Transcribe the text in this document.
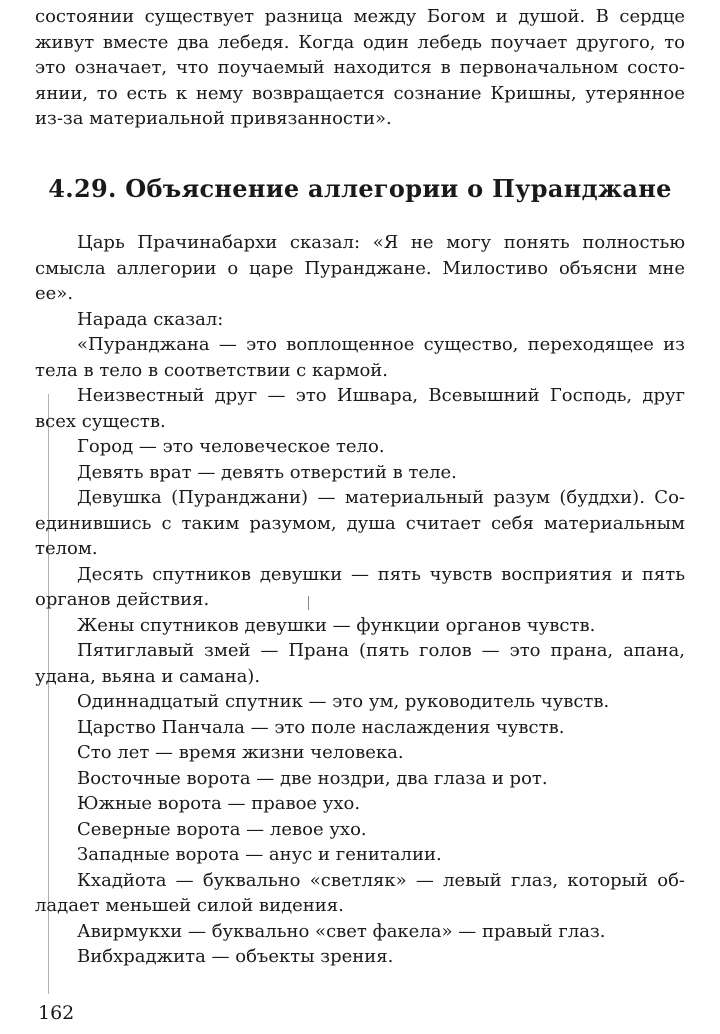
состоянии существует разница между Богом и душой. В сердце
живут вместе два лебедя. Когда один лебедь поучает другого, то
это означает, что поучаемый находится в первоначальном состо-
янии, то есть к нему возвращается сознание Кришны, утерянное
из-за материальной привязанности».
4.29. Объяснение аллегории о Пуранджане
Царь Прачинабархи сказал: «Я не могу понять полностью
смысла аллегории о царе Пуранджане. Милостиво объясни мне
ее».
Нарада сказал:
«Пуранджана — это воплощенное существо, переходящее из
тела в тело в соответствии с кармой.
Неизвестный друг — это Ишвара, Всевышний Господь, друг
всех существ.
Город — это человеческое тело.
Девять врат — девять отверстий в теле.
Девушка (Пуранджани) — материальный разум (буддхи). Со-
единившись с таким разумом, душа считает себя материальным
телом.
Десять спутников девушки — пять чувств восприятия и пять
органов действия.
Жены спутников девушки — функции органов чувств.
Пятиглавый змей — Прана (пять голов — это прана, апана,
удана, вьяна и самана).
Одиннадцатый спутник — это ум, руководитель чувств.
Царство Панчала — это поле наслаждения чувств.
Сто лет — время жизни человека.
Восточные ворота — две ноздри, два глаза и рот.
Южные ворота — правое ухо.
Северные ворота — левое ухо.
Западные ворота — анус и гениталии.
Кхадйота — буквально «светляк» — левый глаз, который об-
ладает меньшей силой видения.
Авирмукхи — буквально «свет факела» — правый глаз.
Вибхраджита — объекты зрения.
162
